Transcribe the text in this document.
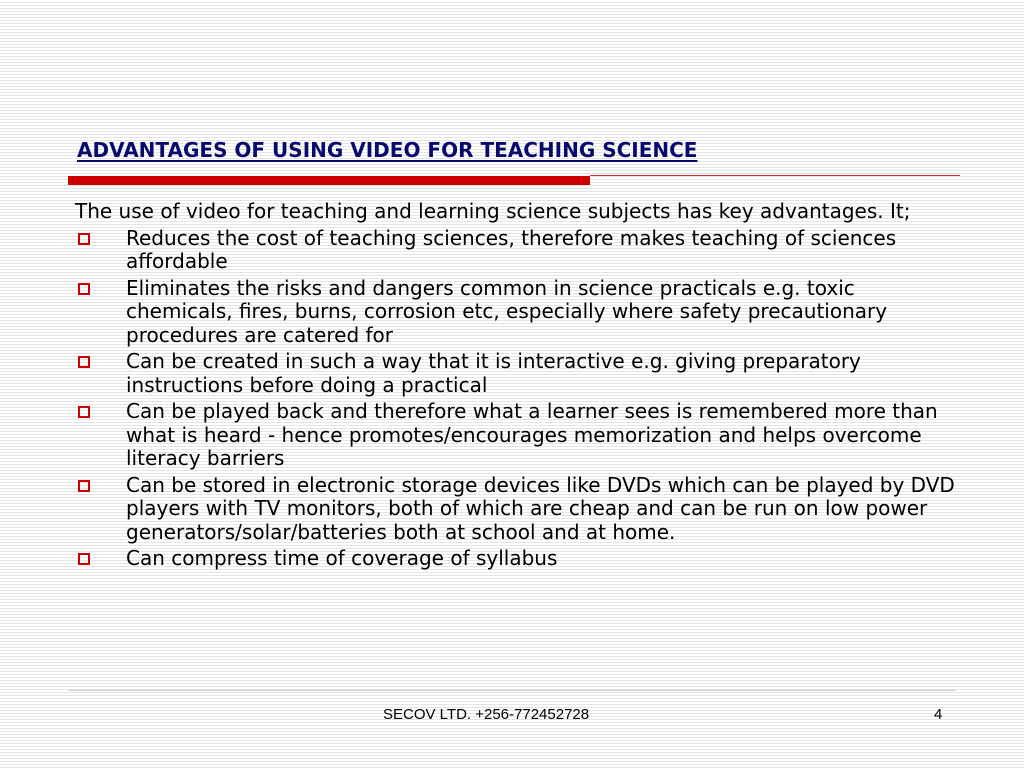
ADVANTAGES OF USING VIDEO FOR TEACHING SCIENCE

The use of video for teaching and learning science subjects has key advantages. It;

Reduces the cost of teaching sciences, therefore makes teaching of sciences affordable
Eliminates the risks and dangers common in science practicals e.g. toxic chemicals, fires, burns, corrosion etc, especially where safety precautionary procedures are catered for
Can be created in such a way that it is interactive e.g. giving preparatory  instructions before doing a practical
Can be played back and therefore what a learner sees is remembered more than what is heard - hence promotes/encourages memorization and helps overcome literacy barriers
Can be stored in electronic storage devices like DVDs which can be played by DVD players with TV monitors, both of which are cheap and can be run on low power generators/solar/batteries both at school and at home.
Can compress time of coverage of syllabus
SECOV LTD. +256-772452728	4
